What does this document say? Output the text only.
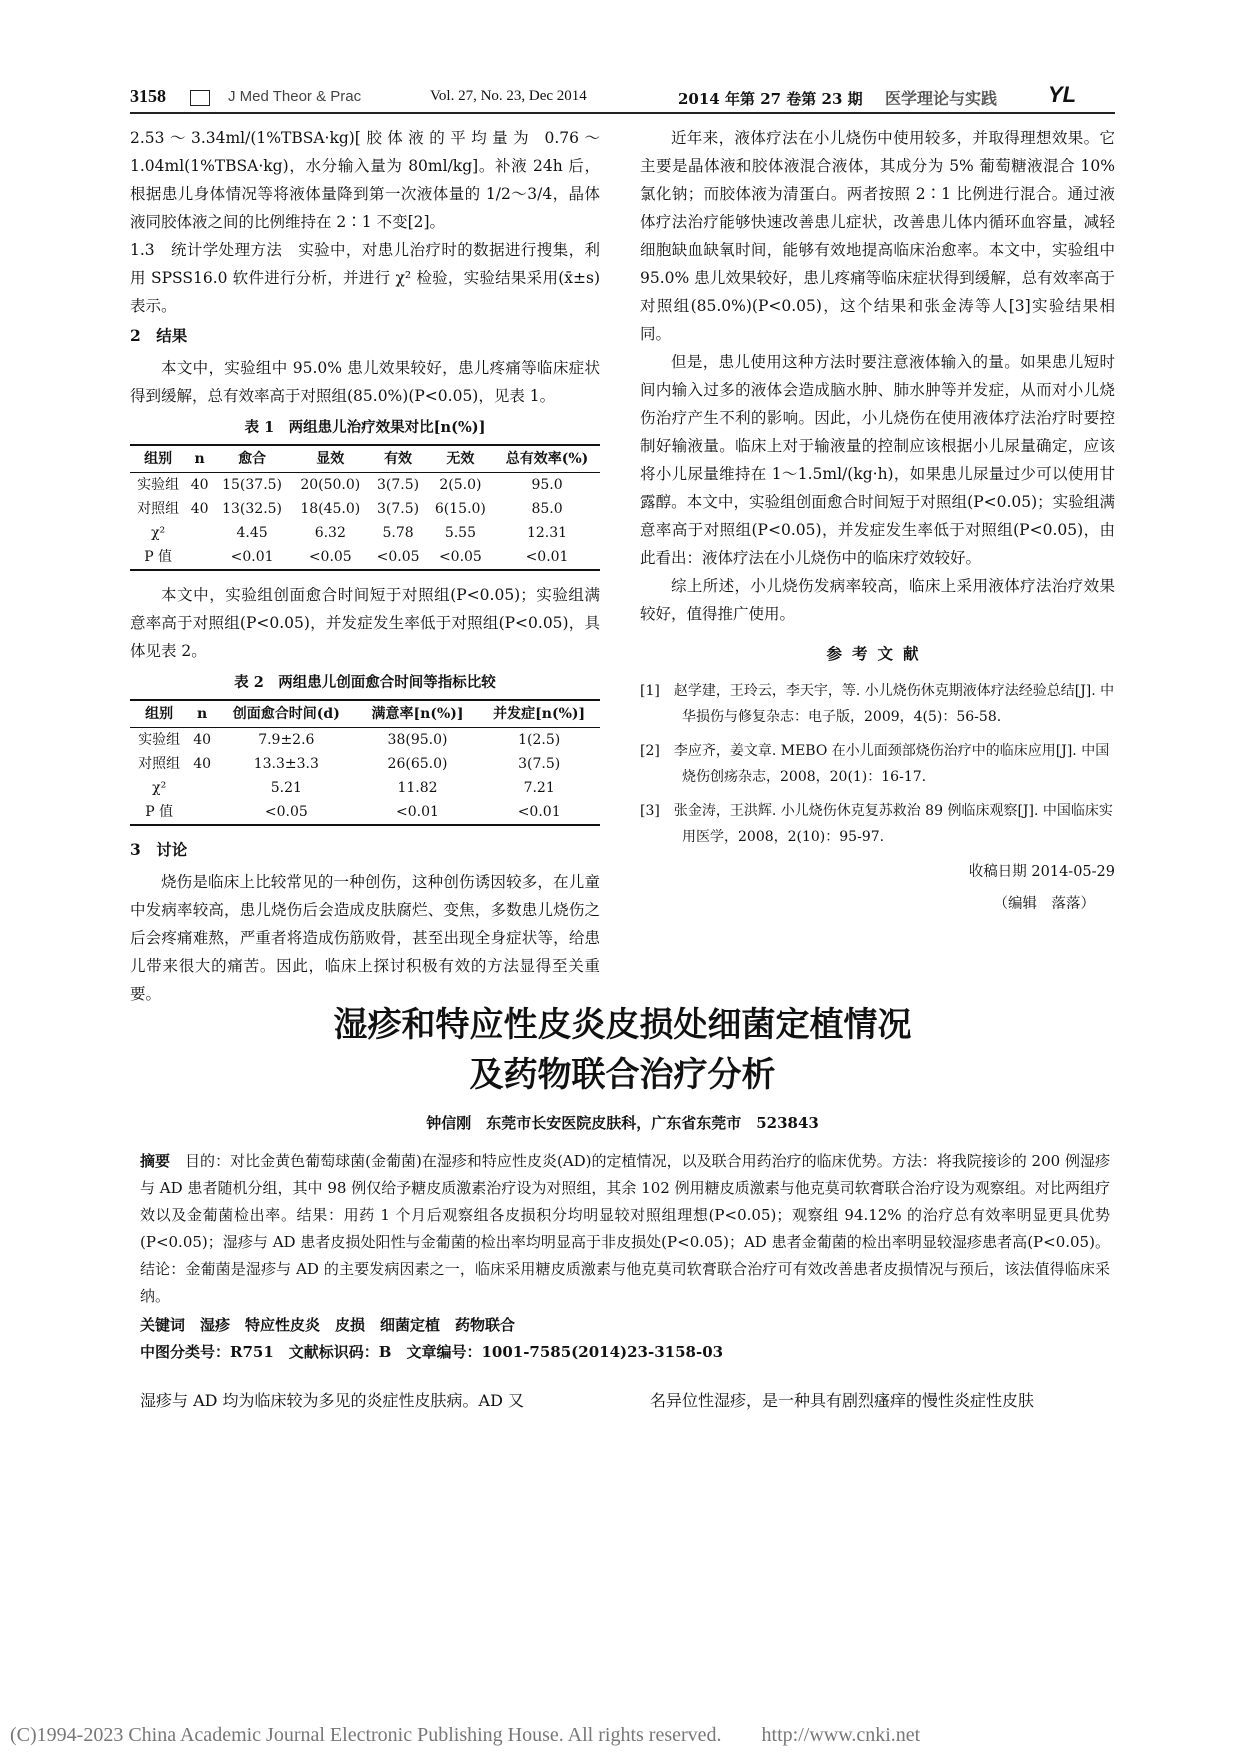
3158	J Med Theor & Prac	Vol. 27, No. 23, Dec 2014	2014 年第 27 卷第 23 期 医学理论与实践 YL

2.53～3.34ml/(1%TBSA·kg)[胶体液的平均量为 0.76～1.04ml(1%TBSA·kg)，水分输入量为 80ml/kg]。补液 24h 后，根据患儿身体情况等将液体量降到第一次液体量的 1/2～3/4，晶体液同胶体液之间的比例维持在 2∶1 不变[2]。

1.3　统计学处理方法　实验中，对患儿治疗时的数据进行搜集，利用 SPSS16.0 软件进行分析，并进行 χ² 检验，实验结果采用(x̄±s)表示。

2　结果

本文中，实验组中 95.0% 患儿效果较好，患儿疼痛等临床症状得到缓解，总有效率高于对照组(85.0%)(P<0.05)，见表 1。

表 1　两组患儿治疗效果对比[n(%)]
组别	n	愈合	显效	有效	无效	总有效率(%)
实验组	40	15(37.5)	20(50.0)	3(7.5)	2(5.0)	95.0
对照组	40	13(32.5)	18(45.0)	3(7.5)	6(15.0)	85.0
χ²		4.45	6.32	5.78	5.55	12.31
P 值		<0.01	<0.05	<0.05	<0.05	<0.01

本文中，实验组创面愈合时间短于对照组(P<0.05)；实验组满意率高于对照组(P<0.05)，并发症发生率低于对照组(P<0.05)，具体见表 2。

表 2　两组患儿创面愈合时间等指标比较
组别	n	创面愈合时间(d)	满意率[n(%)]	并发症[n(%)]
实验组	40	7.9±2.6	38(95.0)	1(2.5)
对照组	40	13.3±3.3	26(65.0)	3(7.5)
χ²		5.21	11.82	7.21
P 值		<0.05	<0.01	<0.01

3　讨论

烧伤是临床上比较常见的一种创伤，这种创伤诱因较多，在儿童中发病率较高，患儿烧伤后会造成皮肤腐烂、变焦，多数患儿烧伤之后会疼痛难熬，严重者将造成伤筋败骨，甚至出现全身症状等，给患儿带来很大的痛苦。因此，临床上探讨积极有效的方法显得至关重要。

近年来，液体疗法在小儿烧伤中使用较多，并取得理想效果。它主要是晶体液和胶体液混合液体，其成分为 5% 葡萄糖液混合 10% 氯化钠；而胶体液为清蛋白。两者按照 2∶1 比例进行混合。通过液体疗法治疗能够快速改善患儿症状，改善患儿体内循环血容量，减轻细胞缺血缺氧时间，能够有效地提高临床治愈率。本文中，实验组中 95.0% 患儿效果较好，患儿疼痛等临床症状得到缓解，总有效率高于对照组(85.0%)(P<0.05)，这个结果和张金涛等人[3]实验结果相同。

但是，患儿使用这种方法时要注意液体输入的量。如果患儿短时间内输入过多的液体会造成脑水肿、肺水肿等并发症，从而对小儿烧伤治疗产生不利的影响。因此，小儿烧伤在使用液体疗法治疗时要控制好输液量。临床上对于输液量的控制应该根据小儿尿量确定，应该将小儿尿量维持在 1～1.5ml/(kg·h)，如果患儿尿量过少可以使用甘露醇。本文中，实验组创面愈合时间短于对照组(P<0.05)；实验组满意率高于对照组(P<0.05)，并发症发生率低于对照组(P<0.05)，由此看出：液体疗法在小儿烧伤中的临床疗效较好。

综上所述，小儿烧伤发病率较高，临床上采用液体疗法治疗效果较好，值得推广使用。

参考文献

[1]　赵学建，王玲云，李天宇，等. 小儿烧伤休克期液体疗法经验总结[J]. 中华损伤与修复杂志：电子版，2009，4(5)：56-58.

[2]　李应齐，姜文章. MEBO 在小儿面颈部烧伤治疗中的临床应用[J]. 中国烧伤创疡杂志，2008，20(1)：16-17.

[3]　张金涛，王洪辉. 小儿烧伤休克复苏救治 89 例临床观察[J]. 中国临床实用医学，2008，2(10)：95-97.

收稿日期 2014-05-29
（编辑　落落）
湿疹和特应性皮炎皮损处细菌定植情况
及药物联合治疗分析
钟信刚　东莞市长安医院皮肤科，广东省东莞市　523843

摘要　 目的：对比金黄色葡萄球菌(金葡菌)在湿疹和特应性皮炎(AD)的定植情况，以及联合用药治疗的临床优势。方法：将我院接诊的 200 例湿疹与 AD 患者随机分组，其中 98 例仅给予糖皮质激素治疗设为对照组，其余 102 例用糖皮质激素与他克莫司软膏联合治疗设为观察组。对比两组疗效以及金葡菌检出率。结果：用药 1 个月后观察组各皮损积分均明显较对照组理想(P<0.05)；观察组 94.12% 的治疗总有效率明显更具优势(P<0.05)；湿疹与 AD 患者皮损处阳性与金葡菌的检出率均明显高于非皮损处(P<0.05)；AD 患者金葡菌的检出率明显较湿疹患者高(P<0.05)。结论：金葡菌是湿疹与 AD 的主要发病因素之一，临床采用糖皮质激素与他克莫司软膏联合治疗可有效改善患者皮损情况与预后，该法值得临床采纳。

关键词　 湿疹　特应性皮炎　皮损　细菌定植　药物联合

中图分类号：R751　文献标识码：B　文章编号：1001-7585(2014)23-3158-03

湿疹与 AD 均为临床较为多见的炎症性皮肤病。AD 又	名异位性湿疹，是一种具有剧烈瘙痒的慢性炎症性皮肤
(C)1994-2023 China Academic Journal Electronic Publishing House. All rights reserved.　　http://www.cnki.net
